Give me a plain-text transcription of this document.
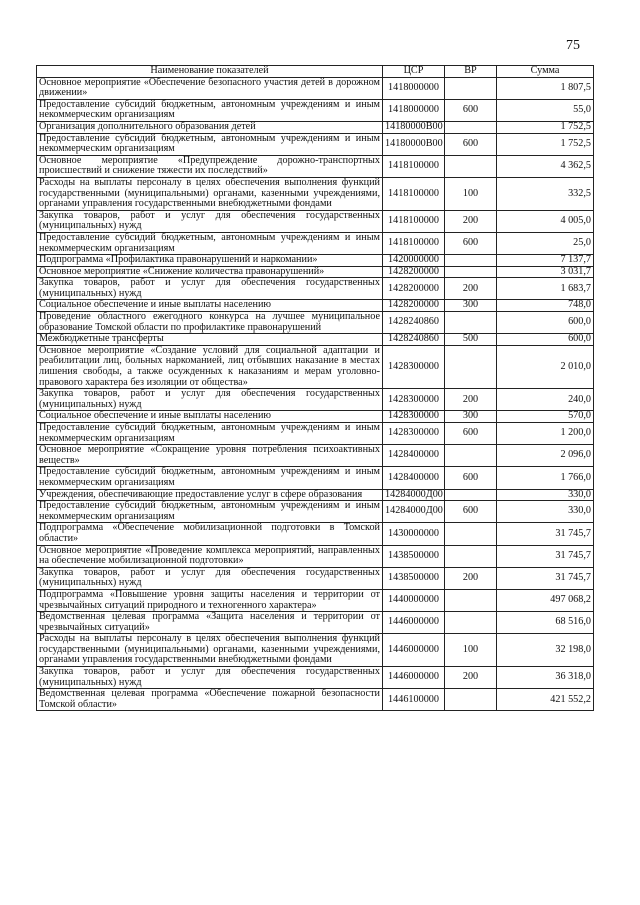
75
Наименование показателей	ЦСР	ВР	Сумма
Основное мероприятие «Обеспечение безопасного участия детей в дорожном движении»	1418000000		1 807,5
Предоставление субсидий бюджетным, автономным учреждениям и иным некоммерческим организациям	1418000000	600	55,0
Организация дополнительного образования детей	14180000В00		1 752,5
Предоставление субсидий бюджетным, автономным учреждениям и иным некоммерческим организациям	14180000В00	600	1 752,5
Основное мероприятие «Предупреждение дорожно-транспортных происшествий и снижение тяжести их последствий»	1418100000		4 362,5
Расходы на выплаты персоналу в целях обеспечения выполнения функций государственными (муниципальными) органами, казенными учреждениями, органами управления государственными внебюджетными фондами	1418100000	100	332,5
Закупка товаров, работ и услуг для обеспечения государственных (муниципальных) нужд	1418100000	200	4 005,0
Предоставление субсидий бюджетным, автономным учреждениям и иным некоммерческим организациям	1418100000	600	25,0
Подпрограмма «Профилактика правонарушений и наркомании»	1420000000		7 137,7
Основное мероприятие «Снижение количества правонарушений»	1428200000		3 031,7
Закупка товаров, работ и услуг для обеспечения государственных (муниципальных) нужд	1428200000	200	1 683,7
Социальное обеспечение и иные выплаты населению	1428200000	300	748,0
Проведение областного ежегодного конкурса на лучшее муниципальное образование Томской области по профилактике правонарушений	1428240860		600,0
Межбюджетные трансферты	1428240860	500	600,0
Основное мероприятие «Создание условий для социальной адаптации и реабилитации лиц, больных наркоманией, лиц отбывших наказание в местах лишения свободы, а также осужденных к наказаниям и мерам уголовно-правового характера без изоляции от общества»	1428300000		2 010,0
Закупка товаров, работ и услуг для обеспечения государственных (муниципальных) нужд	1428300000	200	240,0
Социальное обеспечение и иные выплаты населению	1428300000	300	570,0
Предоставление субсидий бюджетным, автономным учреждениям и иным некоммерческим организациям	1428300000	600	1 200,0
Основное мероприятие «Сокращение уровня потребления психоактивных веществ»	1428400000		2 096,0
Предоставление субсидий бюджетным, автономным учреждениям и иным некоммерческим организациям	1428400000	600	1 766,0
Учреждения, обеспечивающие предоставление услуг в сфере образования	14284000Д00		330,0
Предоставление субсидий бюджетным, автономным учреждениям и иным некоммерческим организациям	14284000Д00	600	330,0
Подпрограмма «Обеспечение мобилизационной подготовки в Томской области»	1430000000		31 745,7
Основное мероприятие «Проведение комплекса мероприятий, направленных на обеспечение мобилизационной подготовки»	1438500000		31 745,7
Закупка товаров, работ и услуг для обеспечения государственных (муниципальных) нужд	1438500000	200	31 745,7
Подпрограмма «Повышение уровня защиты населения и территории от чрезвычайных ситуаций природного и техногенного характера»	1440000000		497 068,2
Ведомственная целевая программа «Защита населения и территории от чрезвычайных ситуаций»	1446000000		68 516,0
Расходы на выплаты персоналу в целях обеспечения выполнения функций государственными (муниципальными) органами, казенными учреждениями, органами управления государственными внебюджетными фондами	1446000000	100	32 198,0
Закупка товаров, работ и услуг для обеспечения государственных (муниципальных) нужд	1446000000	200	36 318,0
Ведомственная целевая программа «Обеспечение пожарной безопасности Томской области»	1446100000		421 552,2
